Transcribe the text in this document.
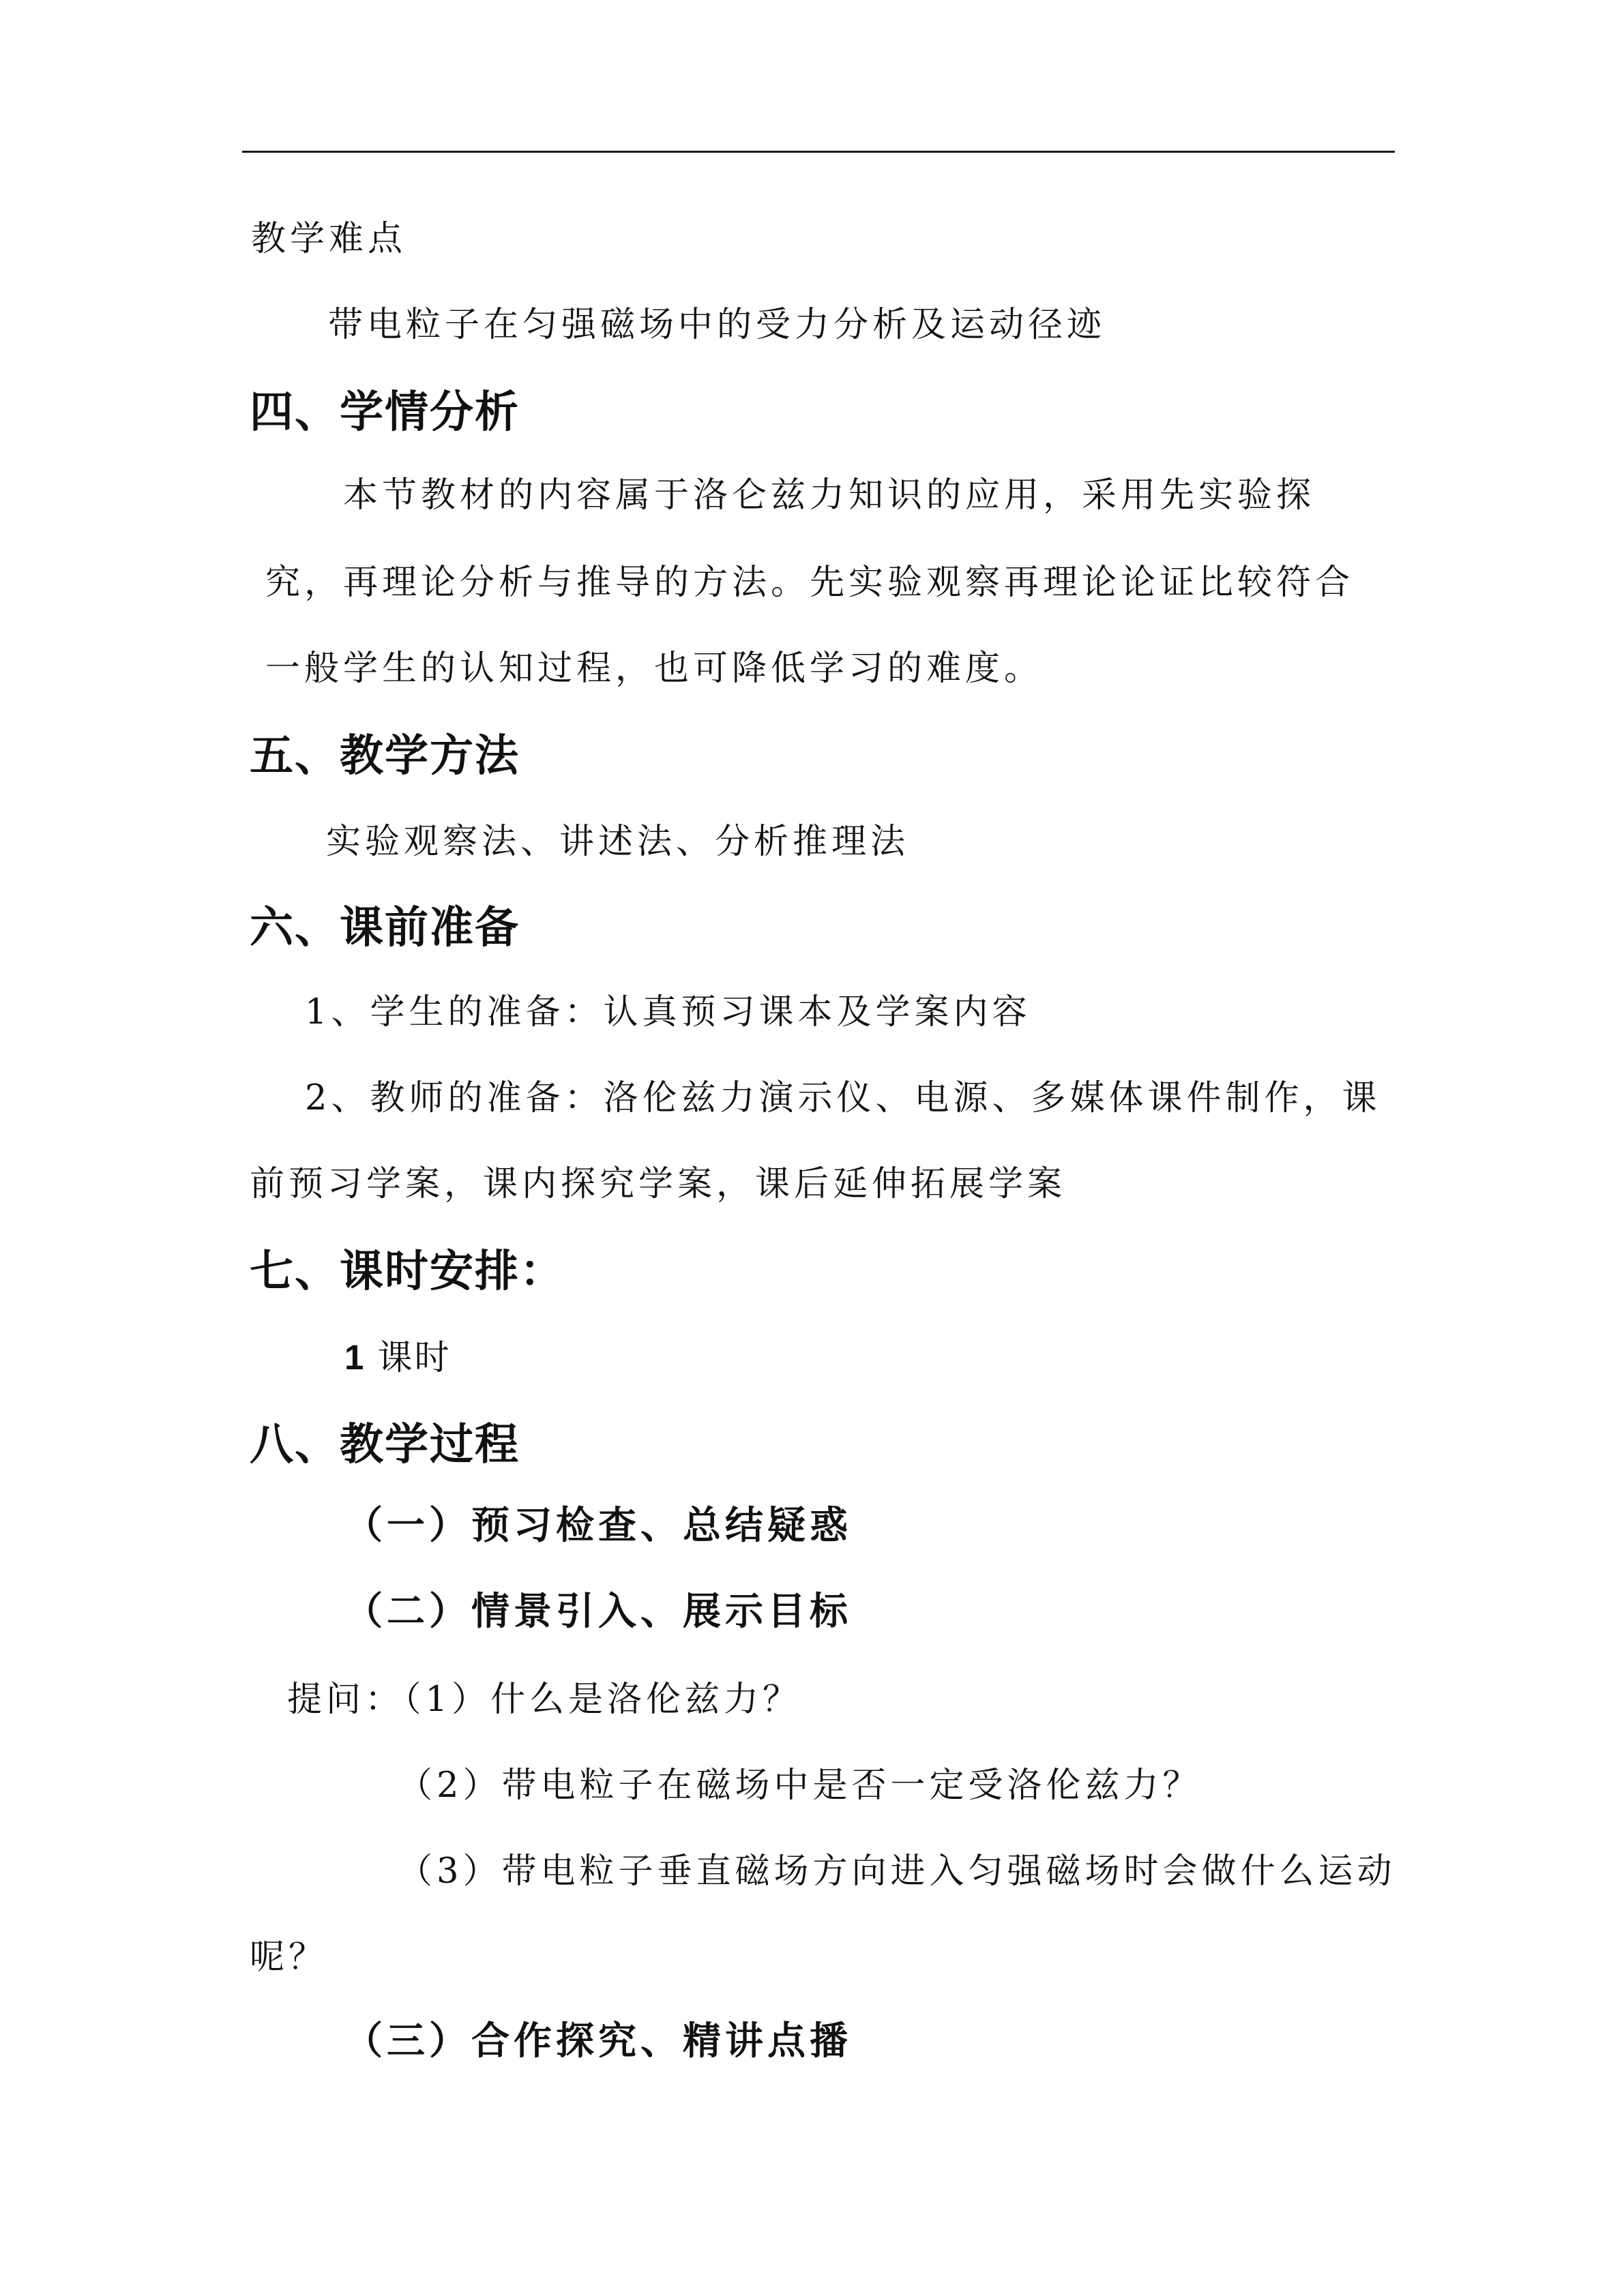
教学难点
带电粒子在匀强磁场中的受力分析及运动径迹
四、学情分析
本节教材的内容属于洛仑兹力知识的应用，采用先实验探
究，再理论分析与推导的方法。先实验观察再理论论证比较符合
一般学生的认知过程，也可降低学习的难度。
五、教学方法
实验观察法、讲述法、分析推理法
六、课前准备
1、学生的准备：认真预习课本及学案内容
2、教师的准备：洛伦兹力演示仪、电源、多媒体课件制作，课
前预习学案，课内探究学案，课后延伸拓展学案
七、课时安排：
1 课时
八、教学过程
（一）预习检查、总结疑惑
（二）情景引入、展示目标
提问：（1）什么是洛伦兹力？
（2）带电粒子在磁场中是否一定受洛伦兹力？
（3）带电粒子垂直磁场方向进入匀强磁场时会做什么运动
呢？
（三）合作探究、精讲点播
